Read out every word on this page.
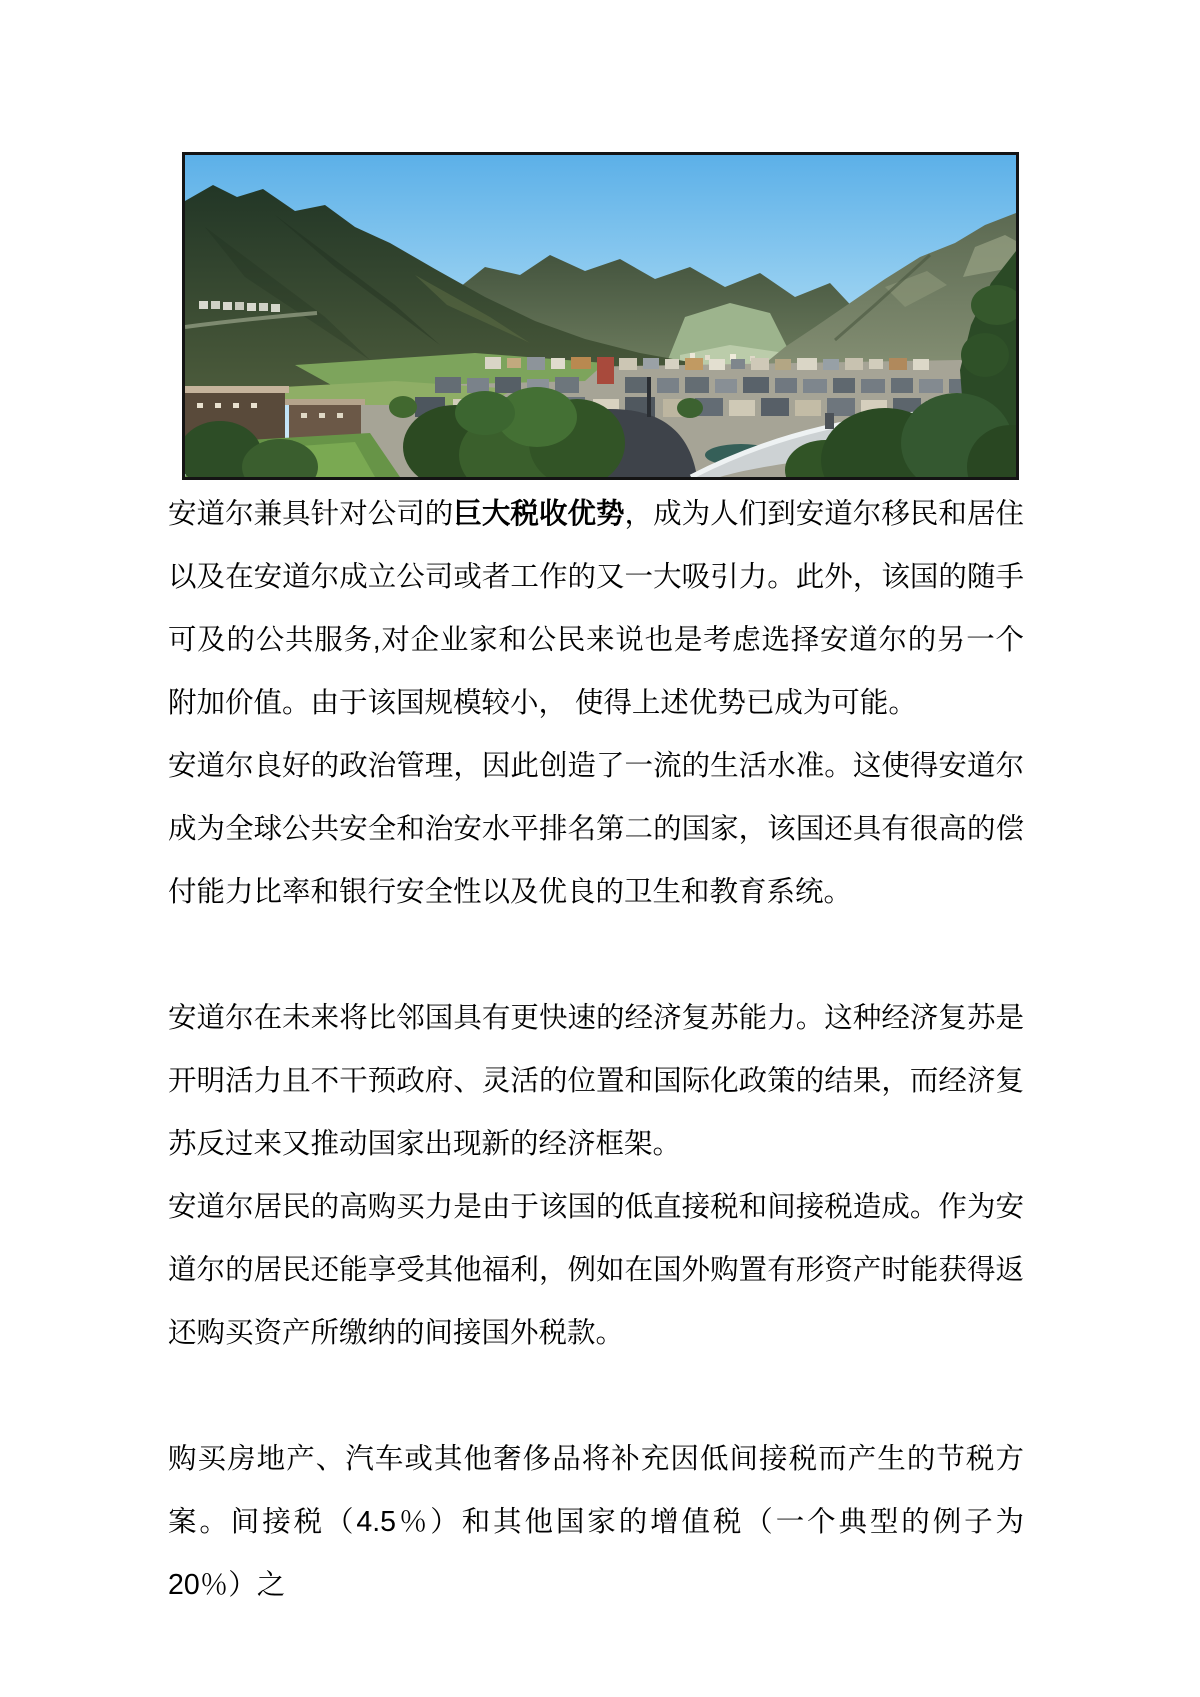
安道尔兼具针对公司的巨大税收优势，成为人们到安道尔移民和居住以及在安道尔成立公司或者工作的又一大吸引力。此外，该国的随手可及的公共服务,对企业家和公民来说也是考虑选择安道尔的另一个附加价值。由于该国规模较小， 使得上述优势已成为可能。

安道尔良好的政治管理，因此创造了一流的生活水准。这使得安道尔成为全球公共安全和治安水平排名第二的国家，该国还具有很高的偿付能力比率和银行安全性以及优良的卫生和教育系统。

安道尔在未来将比邻国具有更快速的经济复苏能力。这种经济复苏是开明活力且不干预政府、灵活的位置和国际化政策的结果，而经济复苏反过来又推动国家出现新的经济框架。

安道尔居民的高购买力是由于该国的低直接税和间接税造成。作为安道尔的居民还能享受其他福利，例如在国外购置有形资产时能获得返还购买资产所缴纳的间接国外税款。

购买房地产、汽车或其他奢侈品将补充因低间接税而产生的节税方案。间接税（4.5％）和其他国家的增值税（一个典型的例子为 20％）之
